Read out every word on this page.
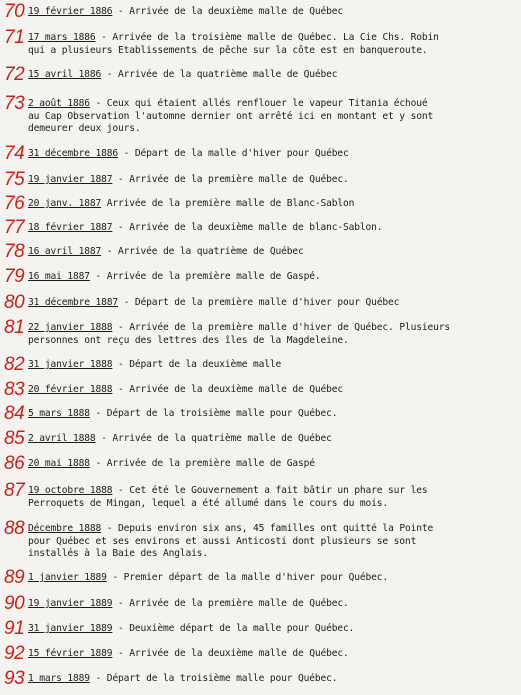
70 19 février 1886 - Arrivée de la deuxième malle de Québec
71 17 mars 1886 - Arrivée de la troisième malle de Québec. La Cie Chs. Robin
qui a plusieurs Etablissements de pêche sur la côte est en banqueroute.
72 15 avril 1886 - Arrivée de la quatrième malle de Québec
73 2 août 1886 - Ceux qui étaient allés renflouer le vapeur Titania échoué
au Cap Observation l'automne dernier ont arrêté ici en montant et y sont
demeurer deux jours.
74 31 décembre 1886 - Départ de la malle d'hiver pour Québec
75 19 janvier 1887 - Arrivée de la première malle de Québec.
76 20 janv. 1887 Arrivée de la première malle de Blanc-Sablon
77 18 février 1887 - Arrivée de la deuxième malle de blanc-Sablon.
78 16 avril 1887 - Arrivée de la quatrième de Québec
79 16 mai 1887 - Arrivée de la première malle de Gaspé.
80 31 décembre 1887 - Départ de la première malle d'hiver pour Québec
81 22 janvier 1888 - Arrivée de la première malle d'hiver de Québec. Plusieurs
personnes ont reçu des lettres des îles de la Magdeleine.
82 31 janvier 1888 - Départ de la deuxième malle
83 20 février 1888 - Arrivée de la deuxième malle de Québec
84 5 mars 1888 - Départ de la troisième malle pour Québec.
85 2 avril 1888 - Arrivée de la quatrième malle de Québec
86 20 mai 1888 - Arrivée de la première malle de Gaspé
87 19 octobre 1888 - Cet été le Gouvernement a fait bâtir un phare sur les
Perroquets de Mingan, lequel a été allumé dans le cours du mois.
88 Décembre 1888 - Depuis environ six ans, 45 familles ont quitté la Pointe
pour Québec et ses environs et aussi Anticosti dont plusieurs se sont
installés à la Baie des Anglais.
89 1 janvier 1889 - Premier départ de la malle d'hiver pour Québec.
90 19 janvier 1889 - Arrivée de la première malle de Québec.
91 31 janvier 1889 - Deuxième départ de la malle pour Québec.
92 15 février 1889 - Arrivée de la deuxième malle de Québec.
93 1 mars 1889 - Départ de la troisième malle pour Québec.
